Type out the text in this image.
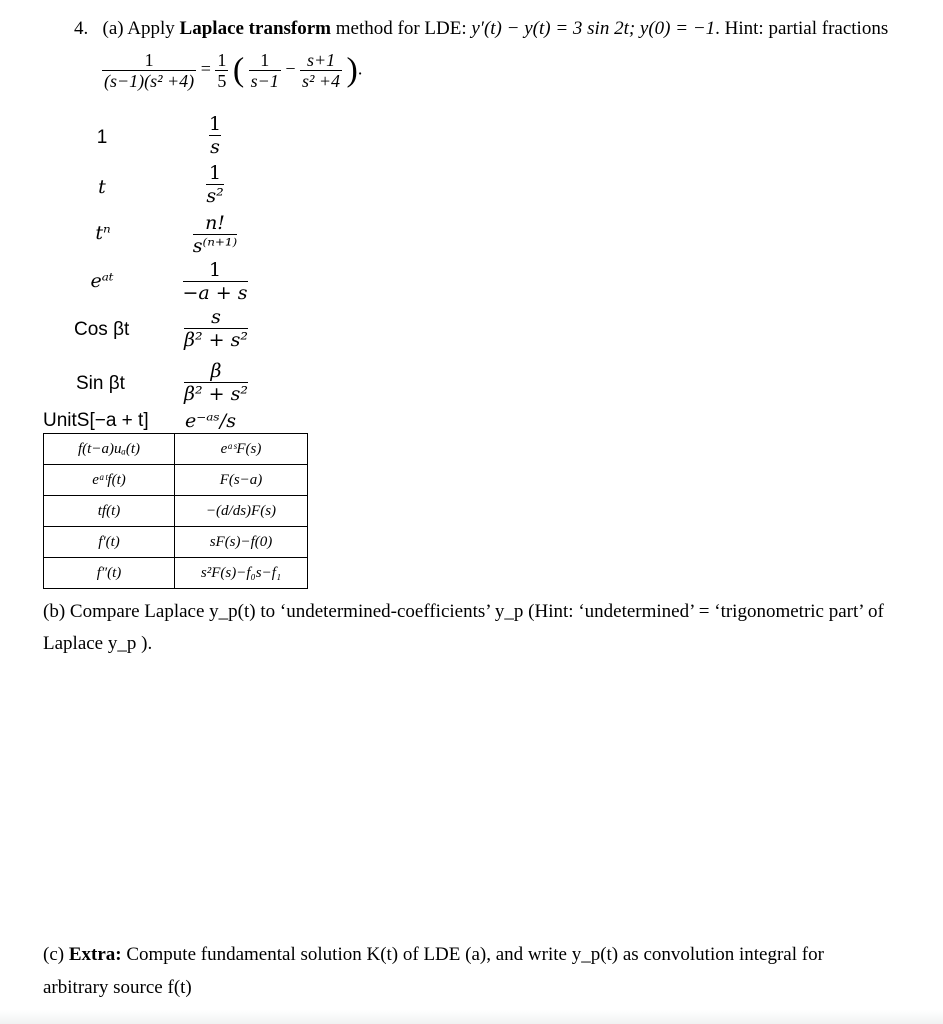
4. (a) Apply Laplace transform method for LDE: y′(t) − y(t) = 3 sin 2t; y(0) = −1. Hint: partial fractions
$\frac{1}{\text{(s−1)(s² +4)}} = \frac{1}{5}$ ( $\frac{1}{s-1} - \frac{s+1}{\text{s² +4}}$ ).
1	$\frac{1}{s}$
t	$\frac{1}{\text{s²}}$
tⁿ	$\frac{n!}{\text{s⁽ⁿ⁺¹⁾}}$
eᵃᵗ	$\frac{1}{-a + s}$
Cos βt	$\frac{s}{\text{β² + s²}}$
Sin βt	$\frac{\beta}{\text{β² + s²}}$
UnitS[−a + t]	e⁻ᵃˢ/s
f(t−a)uₐ(t)	eᵃˢF(s)
eᵃᵗf(t)	F(s−a)
tf(t)	−(d/ds)F(s)
f′(t)	sF(s)−f(0)
f″(t)	s²F(s)−f₀s−f₁
(b) Compare Laplace y_p(t) to ‘undetermined-coefficients’ y_p (Hint: ‘undetermined’ = ‘trigonometric part’ of
Laplace y_p ).
(c) Extra: Compute fundamental solution K(t) of LDE (a), and write y_p(t) as convolution integral for
arbitrary source f(t)
